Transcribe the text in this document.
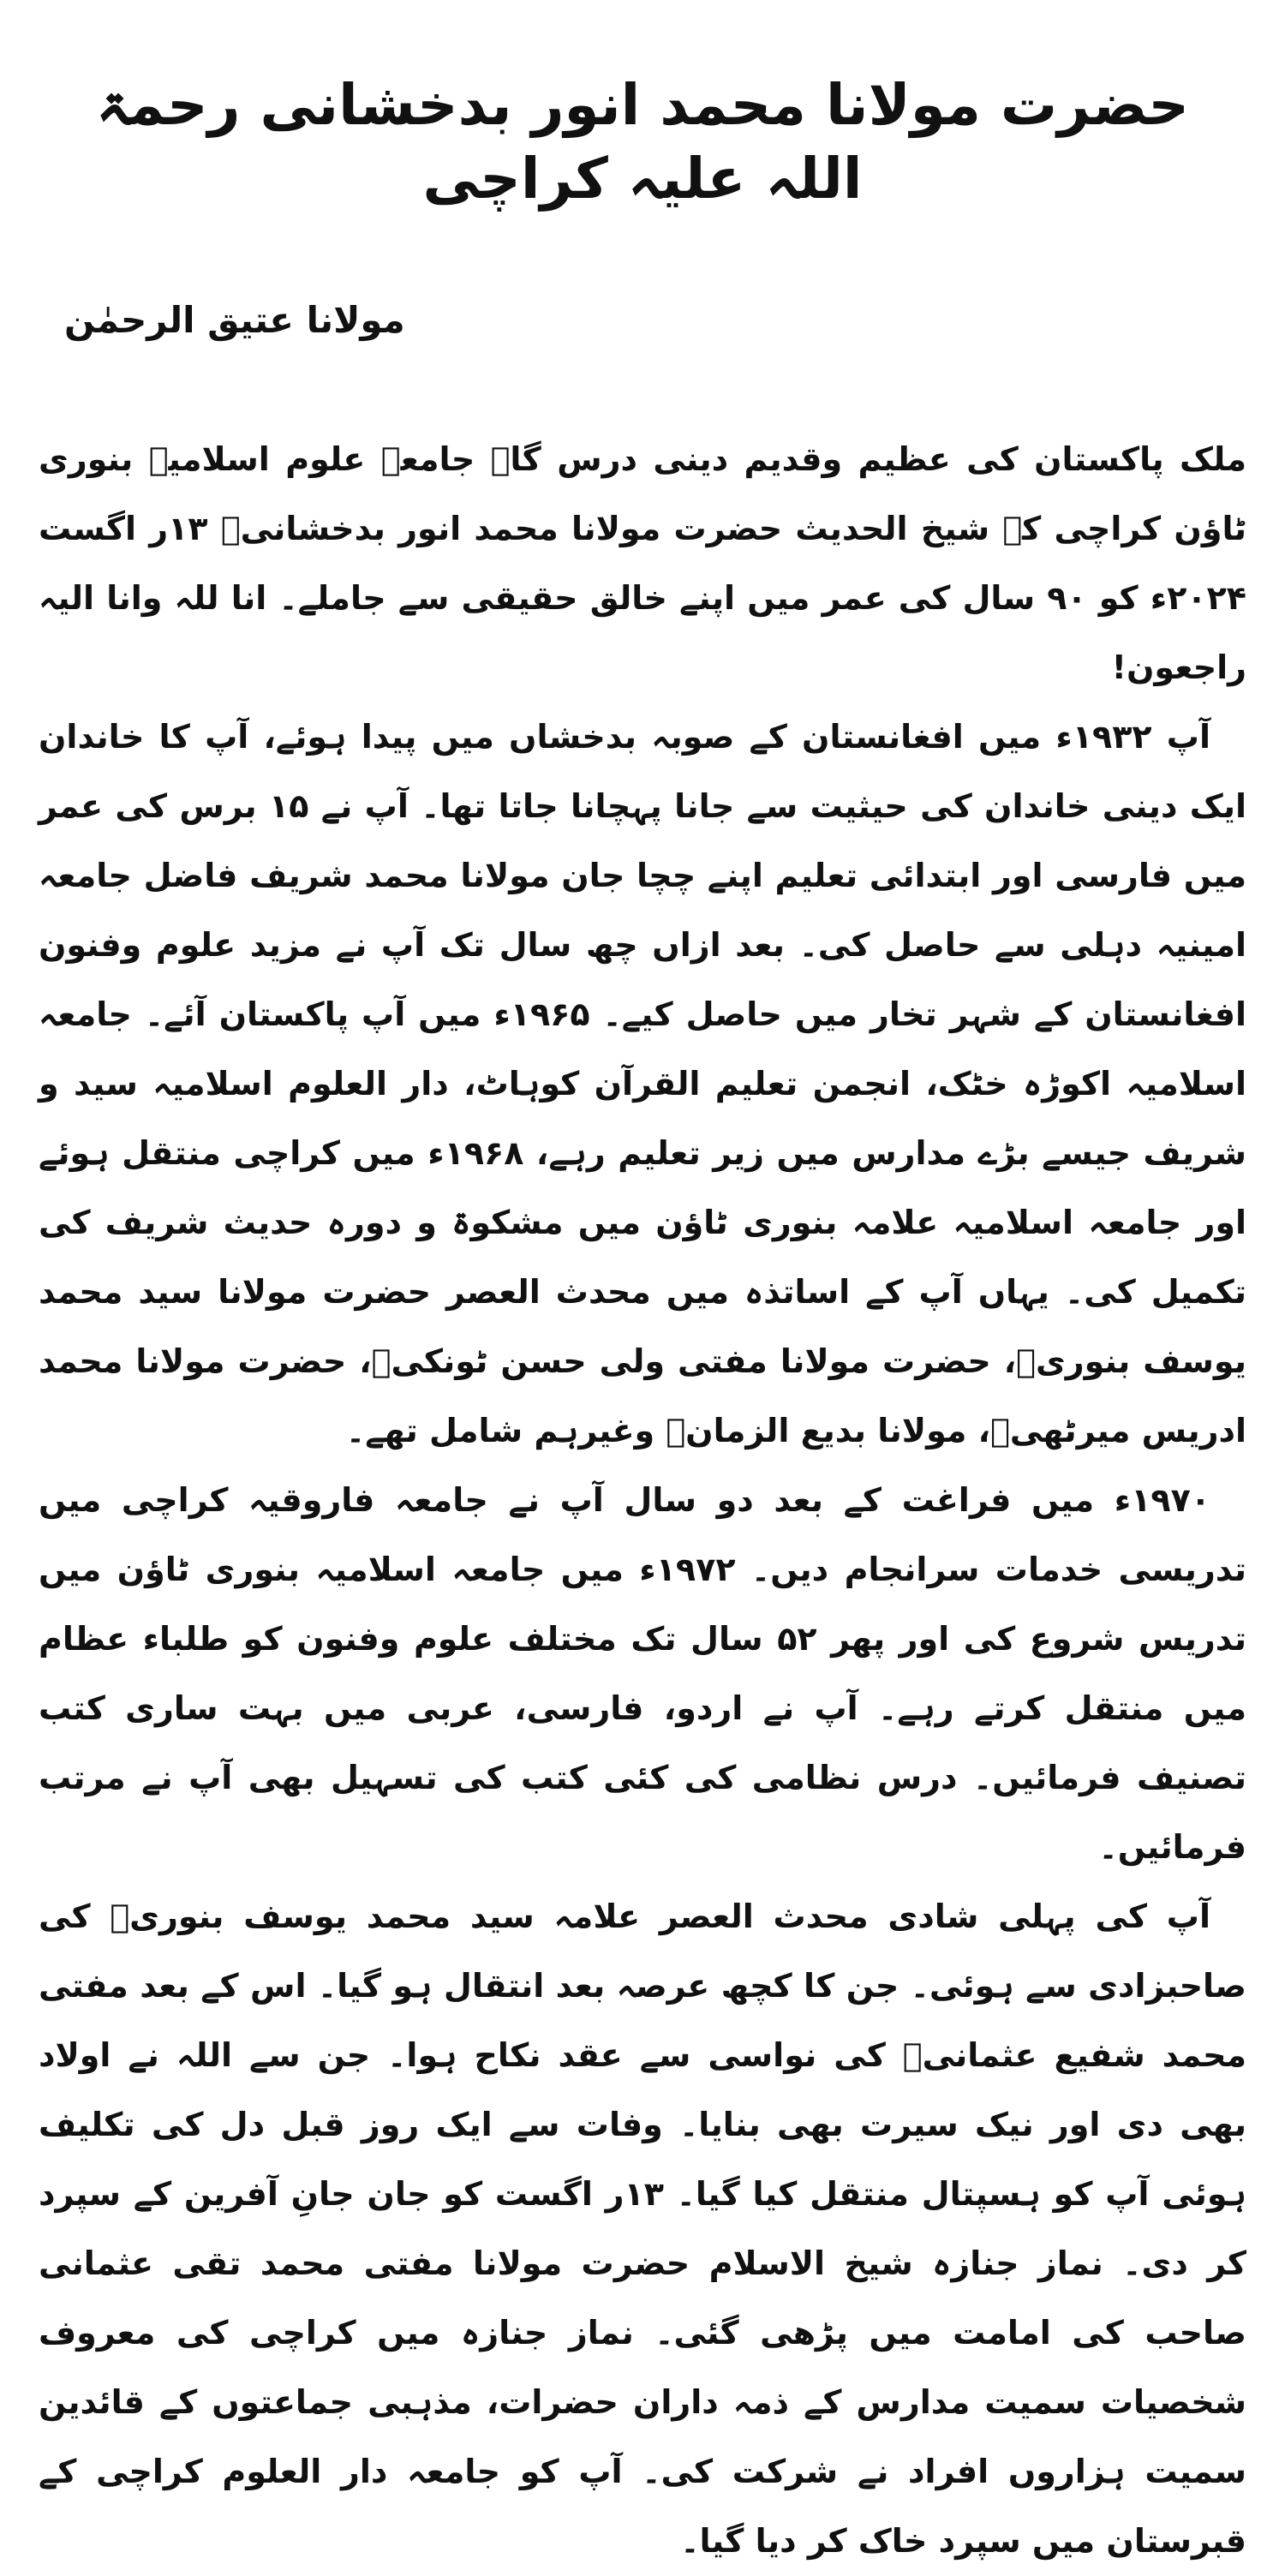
حضرت مولانا محمد انور بدخشانی رحمۃ اللہ علیہ کراچی
مولانا عتیق الرحمٰن

ملک پاکستان کی عظیم وقدیم دینی درس گاہ جامعہ علوم اسلامیہ بنوری ٹاؤن کراچی کے شیخ الحدیث حضرت مولانا محمد انور بدخشانیؒ ۱۳ر اگست ۲۰۲۴ء کو ۹۰ سال کی عمر میں اپنے خالق حقیقی سے جاملے۔ انا للہ وانا الیہ راجعون!

آپ ۱۹۳۲ء میں افغانستان کے صوبہ بدخشاں میں پیدا ہوئے، آپ کا خاندان ایک دینی خاندان کی حیثیت سے جانا پہچانا جاتا تھا۔ آپ نے ۱۵ برس کی عمر میں فارسی اور ابتدائی تعلیم اپنے چچا جان مولانا محمد شریف فاضل جامعہ امینیہ دہلی سے حاصل کی۔ بعد ازاں چھ سال تک آپ نے مزید علوم وفنون افغانستان کے شہر تخار میں حاصل کیے۔ ۱۹۶۵ء میں آپ پاکستان آئے۔ جامعہ اسلامیہ اکوڑہ خٹک، انجمن تعلیم القرآن کوہاٹ، دار العلوم اسلامیہ سید و شریف جیسے بڑے مدارس میں زیر تعلیم رہے، ۱۹۶۸ء میں کراچی منتقل ہوئے اور جامعہ اسلامیہ علامہ بنوری ٹاؤن میں مشکوۃ و دورہ حدیث شریف کی تکمیل کی۔ یہاں آپ کے اساتذہ میں محدث العصر حضرت مولانا سید محمد یوسف بنوریؒ، حضرت مولانا مفتی ولی حسن ٹونکیؒ، حضرت مولانا محمد ادریس میرٹھیؒ، مولانا بدیع الزمانؒ وغیرہم شامل تھے۔

۱۹۷۰ء میں فراغت کے بعد دو سال آپ نے جامعہ فاروقیہ کراچی میں تدریسی خدمات سرانجام دیں۔ ۱۹۷۲ء میں جامعہ اسلامیہ بنوری ٹاؤن میں تدریس شروع کی اور پھر ۵۲ سال تک مختلف علوم وفنون کو طلباء عظام میں منتقل کرتے رہے۔ آپ نے اردو، فارسی، عربی میں بہت ساری کتب تصنیف فرمائیں۔ درس نظامی کی کئی کتب کی تسہیل بھی آپ نے مرتب فرمائیں۔

آپ کی پہلی شادی محدث العصر علامہ سید محمد یوسف بنوریؒ کی صاحبزادی سے ہوئی۔ جن کا کچھ عرصہ بعد انتقال ہو گیا۔ اس کے بعد مفتی محمد شفیع عثمانیؒ کی نواسی سے عقد نکاح ہوا۔ جن سے اللہ نے اولاد بھی دی اور نیک سیرت بھی بنایا۔ وفات سے ایک روز قبل دل کی تکلیف ہوئی آپ کو ہسپتال منتقل کیا گیا۔ ۱۳ر اگست کو جان جانِ آفرین کے سپرد کر دی۔ نماز جنازہ شیخ الاسلام حضرت مولانا مفتی محمد تقی عثمانی صاحب کی امامت میں پڑھی گئی۔ نماز جنازہ میں کراچی کی معروف شخصیات سمیت مدارس کے ذمہ داران حضرات، مذہبی جماعتوں کے قائدین سمیت ہزاروں افراد نے شرکت کی۔ آپ کو جامعہ دار العلوم کراچی کے قبرستان میں سپرد خاک کر دیا گیا۔
